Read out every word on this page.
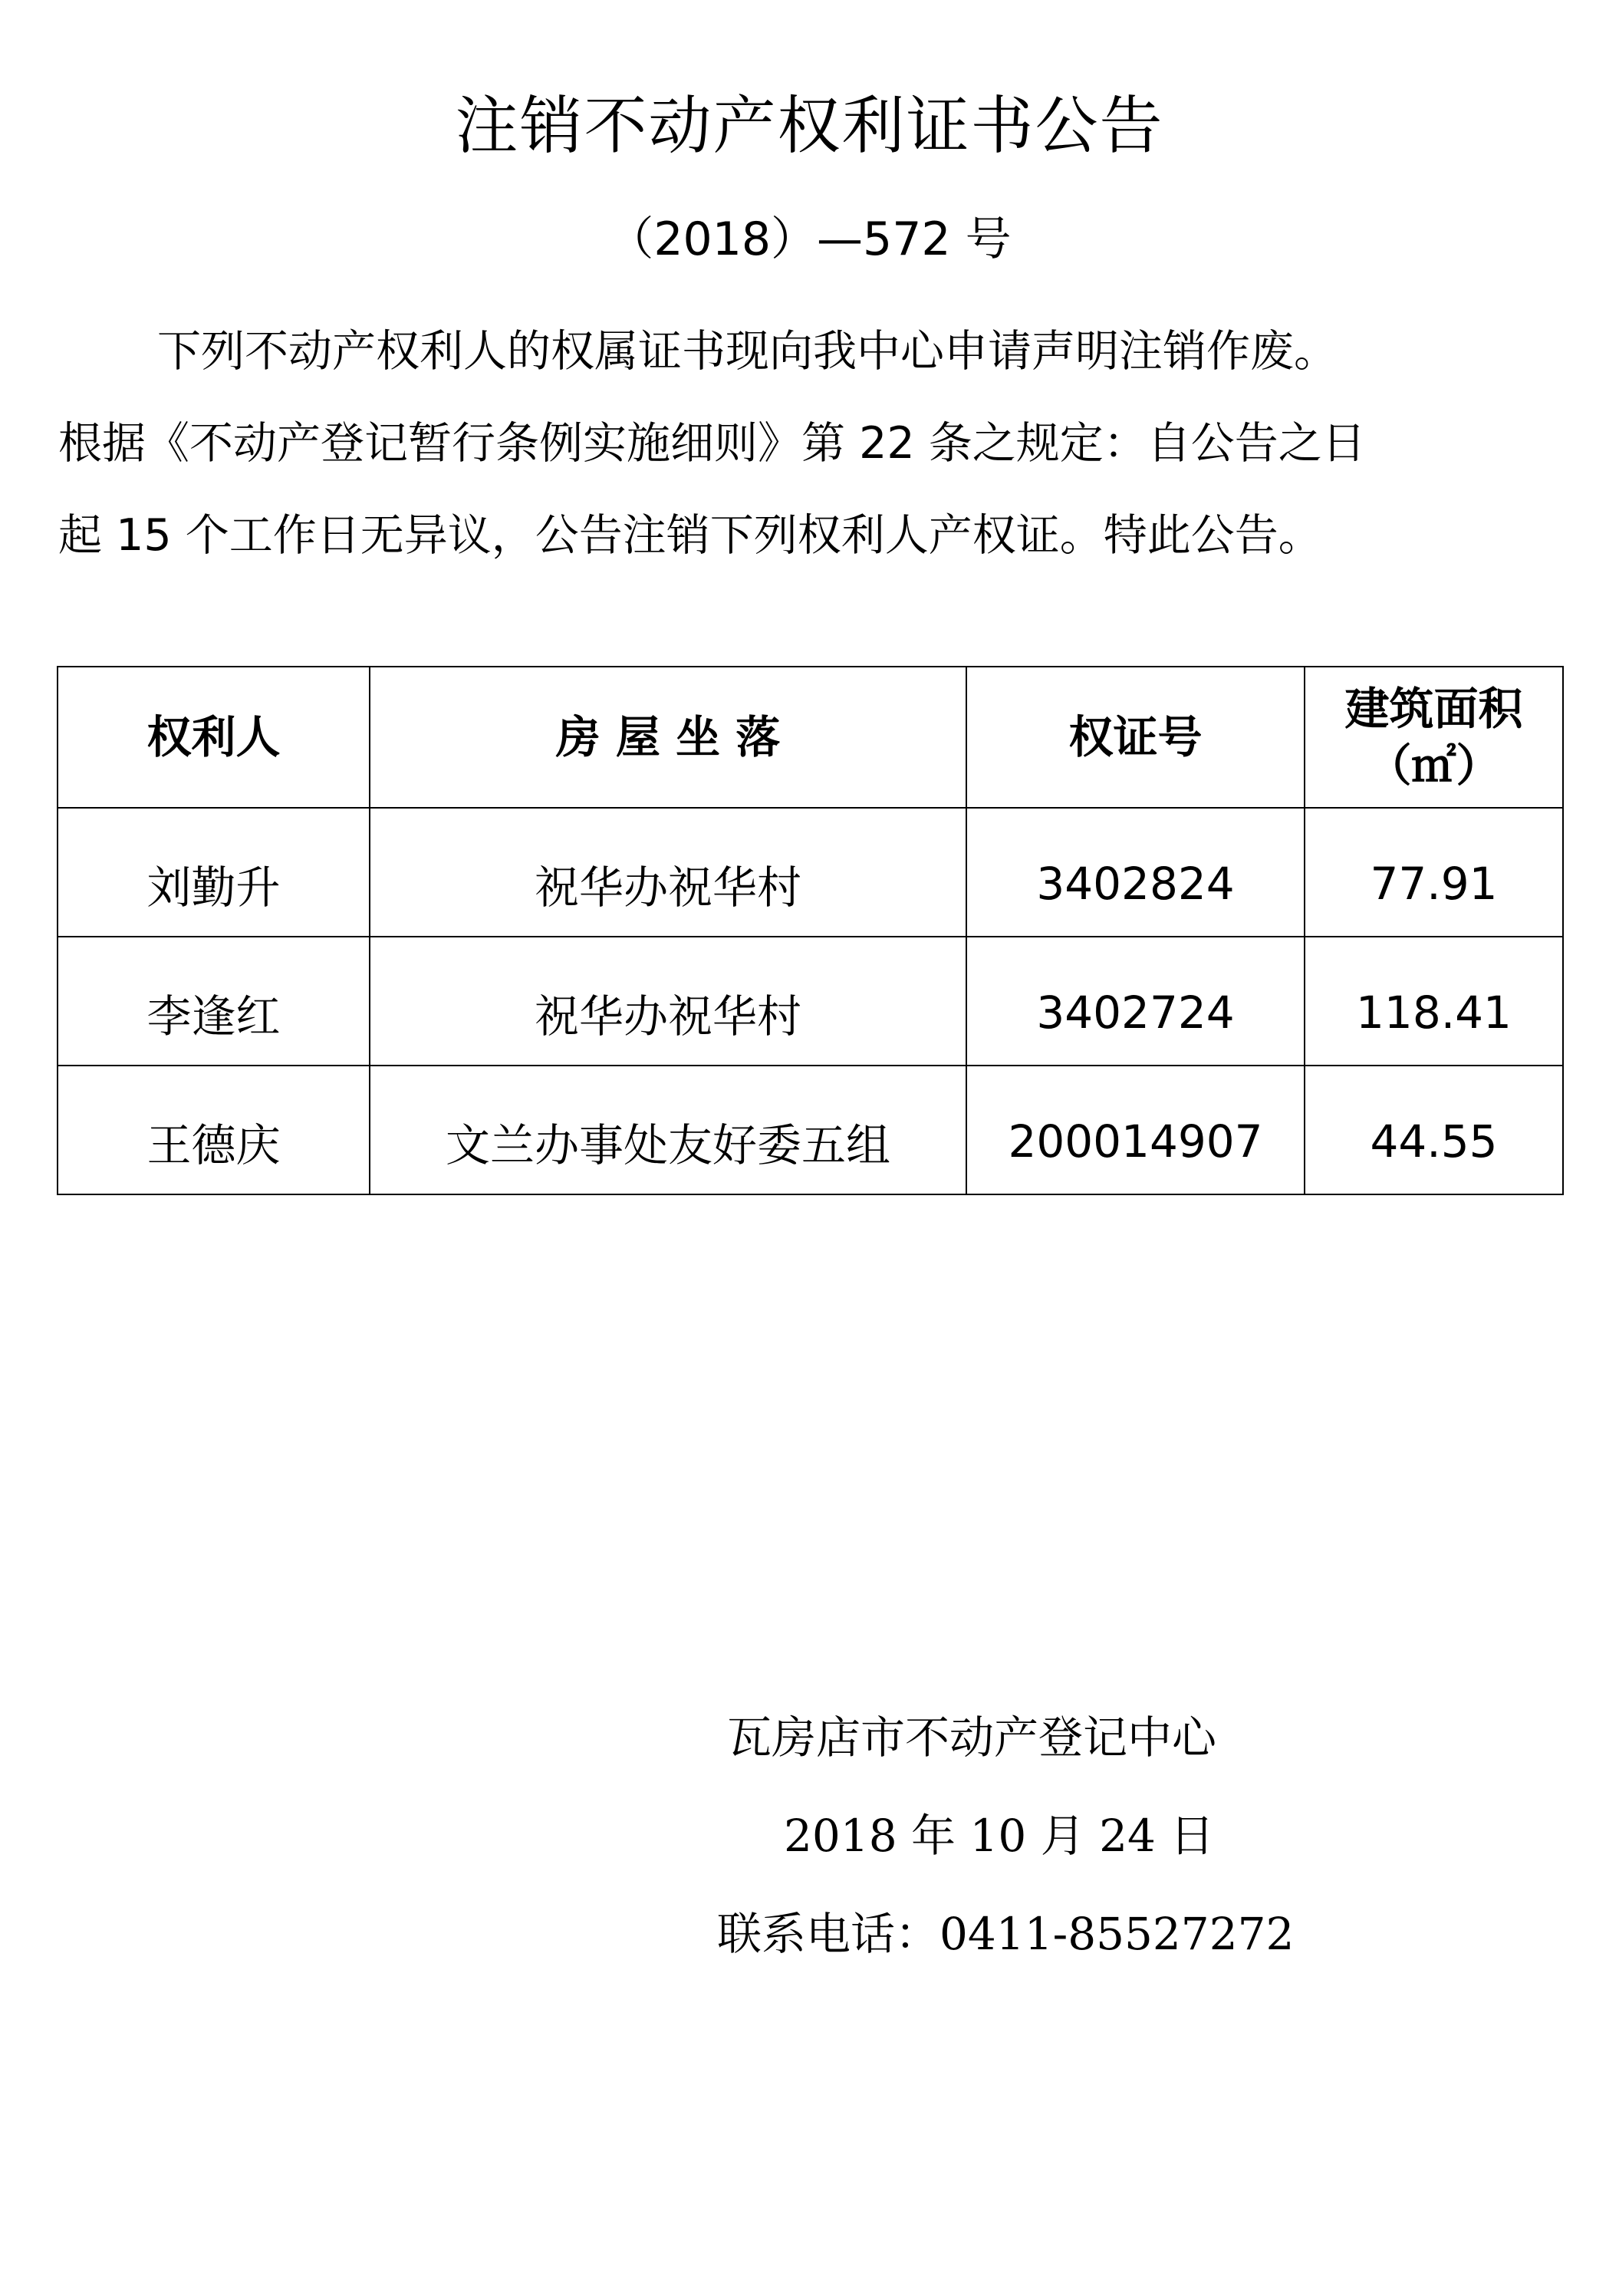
注销不动产权利证书公告
（2018）—572 号
下列不动产权利人的权属证书现向我中心申请声明注销作废。
根据《不动产登记暂行条例实施细则》第 22 条之规定：自公告之日
起 15 个工作日无异议，公告注销下列权利人产权证。特此公告。
权利人	房 屋 坐 落	权证号	建筑面积
（㎡）

刘勤升	祝华办祝华村	3402824	77.91
李逢红	祝华办祝华村	3402724	118.41
王德庆	文兰办事处友好委五组	200014907	44.55
瓦房店市不动产登记中心
2018 年 10 月 24 日
联系电话：0411-85527272
